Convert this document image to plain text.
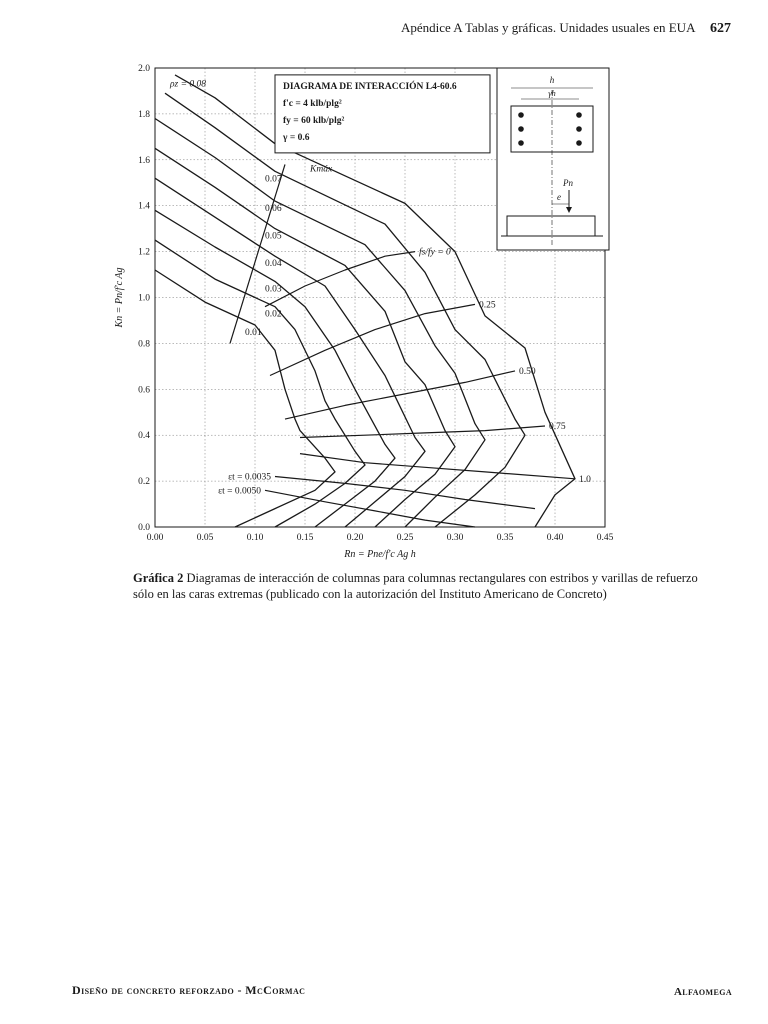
Apéndice A Tablas y gráficas. Unidades usuales en EUA 627
0.00	0.05	0.10	0.15	0.20	0.25	0.30	0.35	0.40	0.45
0.0
0.2
0.4
0.6
0.8
1.0
1.2
1.4
1.6
1.8
2.0
Rn = Pne/f'c Ag h
Kn = Pn/f'c Ag
0.01
0.02
0.03
0.04
0.05
0.06
0.07
ρz = 0.08
Kmáx
fs/fy = 0
0.25
0.50
0.75
1.0
εt = 0.0035
εt = 0.0050
DIAGRAMA DE INTERACCIÓN L4-60.6
f'c = 4 klb/plg²
fy = 60 klb/plg²
γ = 0.6
h
γh
Pn
e
Gráfica 2 Diagramas de interacción de columnas para columnas rectangulares con estribos y varillas de refuerzo sólo en las caras extremas (publicado con la autorización del Instituto Americano de Concreto)
Diseño de concreto reforzado - McCormac	Alfaomega
